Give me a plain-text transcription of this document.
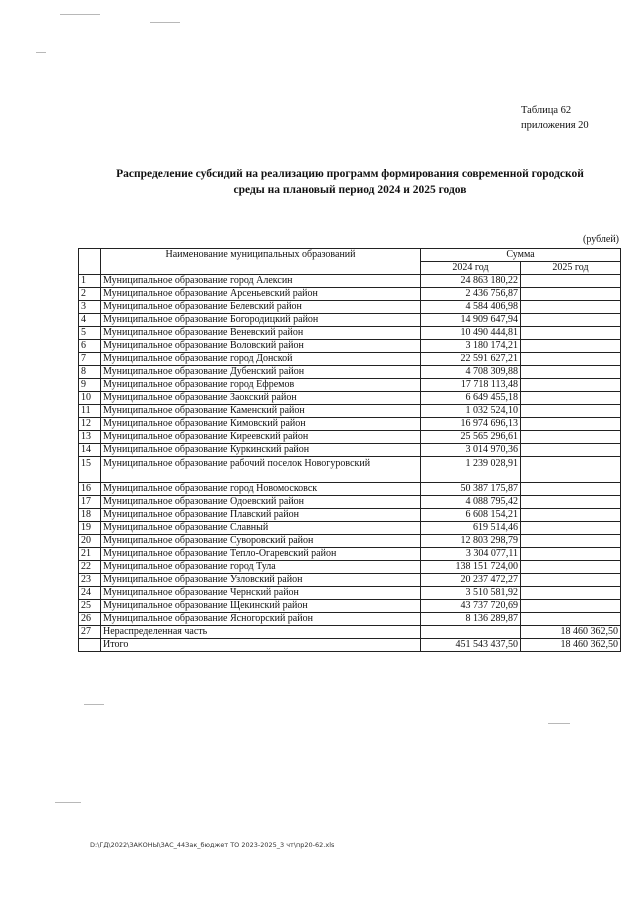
Таблица 62
приложения 20
Распределение субсидий на реализацию программ формирования современной городской
среды на плановый период 2024 и 2025 годов
(рублей)
	Наименование муниципальных образований	Сумма	
		2024 год	2025 год
1	Муниципальное образование город Алексин	24 863 180,22	
2	Муниципальное образование Арсеньевский район	2 436 756,87	
3	Муниципальное образование Белевский район	4 584 406,98	
4	Муниципальное образование Богородицкий район	14 909 647,94	
5	Муниципальное образование Веневский район	10 490 444,81	
6	Муниципальное образование Воловский район	3 180 174,21	
7	Муниципальное образование город Донской	22 591 627,21	
8	Муниципальное образование Дубенский район	4 708 309,88	
9	Муниципальное образование город Ефремов	17 718 113,48	
10	Муниципальное образование Заокский район	6 649 455,18	
11	Муниципальное образование Каменский район	1 032 524,10	
12	Муниципальное образование Кимовский район	16 974 696,13	
13	Муниципальное образование Киреевский район	25 565 296,61	
14	Муниципальное образование Куркинский район	3 014 970,36	
15	Муниципальное образование рабочий поселок Новогуровский	1 239 028,91	
16	Муниципальное образование город Новомосковск	50 387 175,87	
17	Муниципальное образование Одоевский район	4 088 795,42	
18	Муниципальное образование Плавский район	6 608 154,21	
19	Муниципальное образование Славный	619 514,46	
20	Муниципальное образование Суворовский район	12 803 298,79	
21	Муниципальное образование Тепло-Огаревский район	3 304 077,11	
22	Муниципальное образование город Тула	138 151 724,00	
23	Муниципальное образование Узловский район	20 237 472,27	
24	Муниципальное образование Чернский район	3 510 581,92	
25	Муниципальное образование Щекинский район	43 737 720,69	
26	Муниципальное образование Ясногорский район	8 136 289,87	
27	Нераспределенная часть		18 460 362,50
	Итого	451 543 437,50	18 460 362,50
D:\ГД\2022\ЗАКОНЫ\ЗАС_44Зак_бюджет ТО 2023-2025_3 чт\пр20-62.xls
